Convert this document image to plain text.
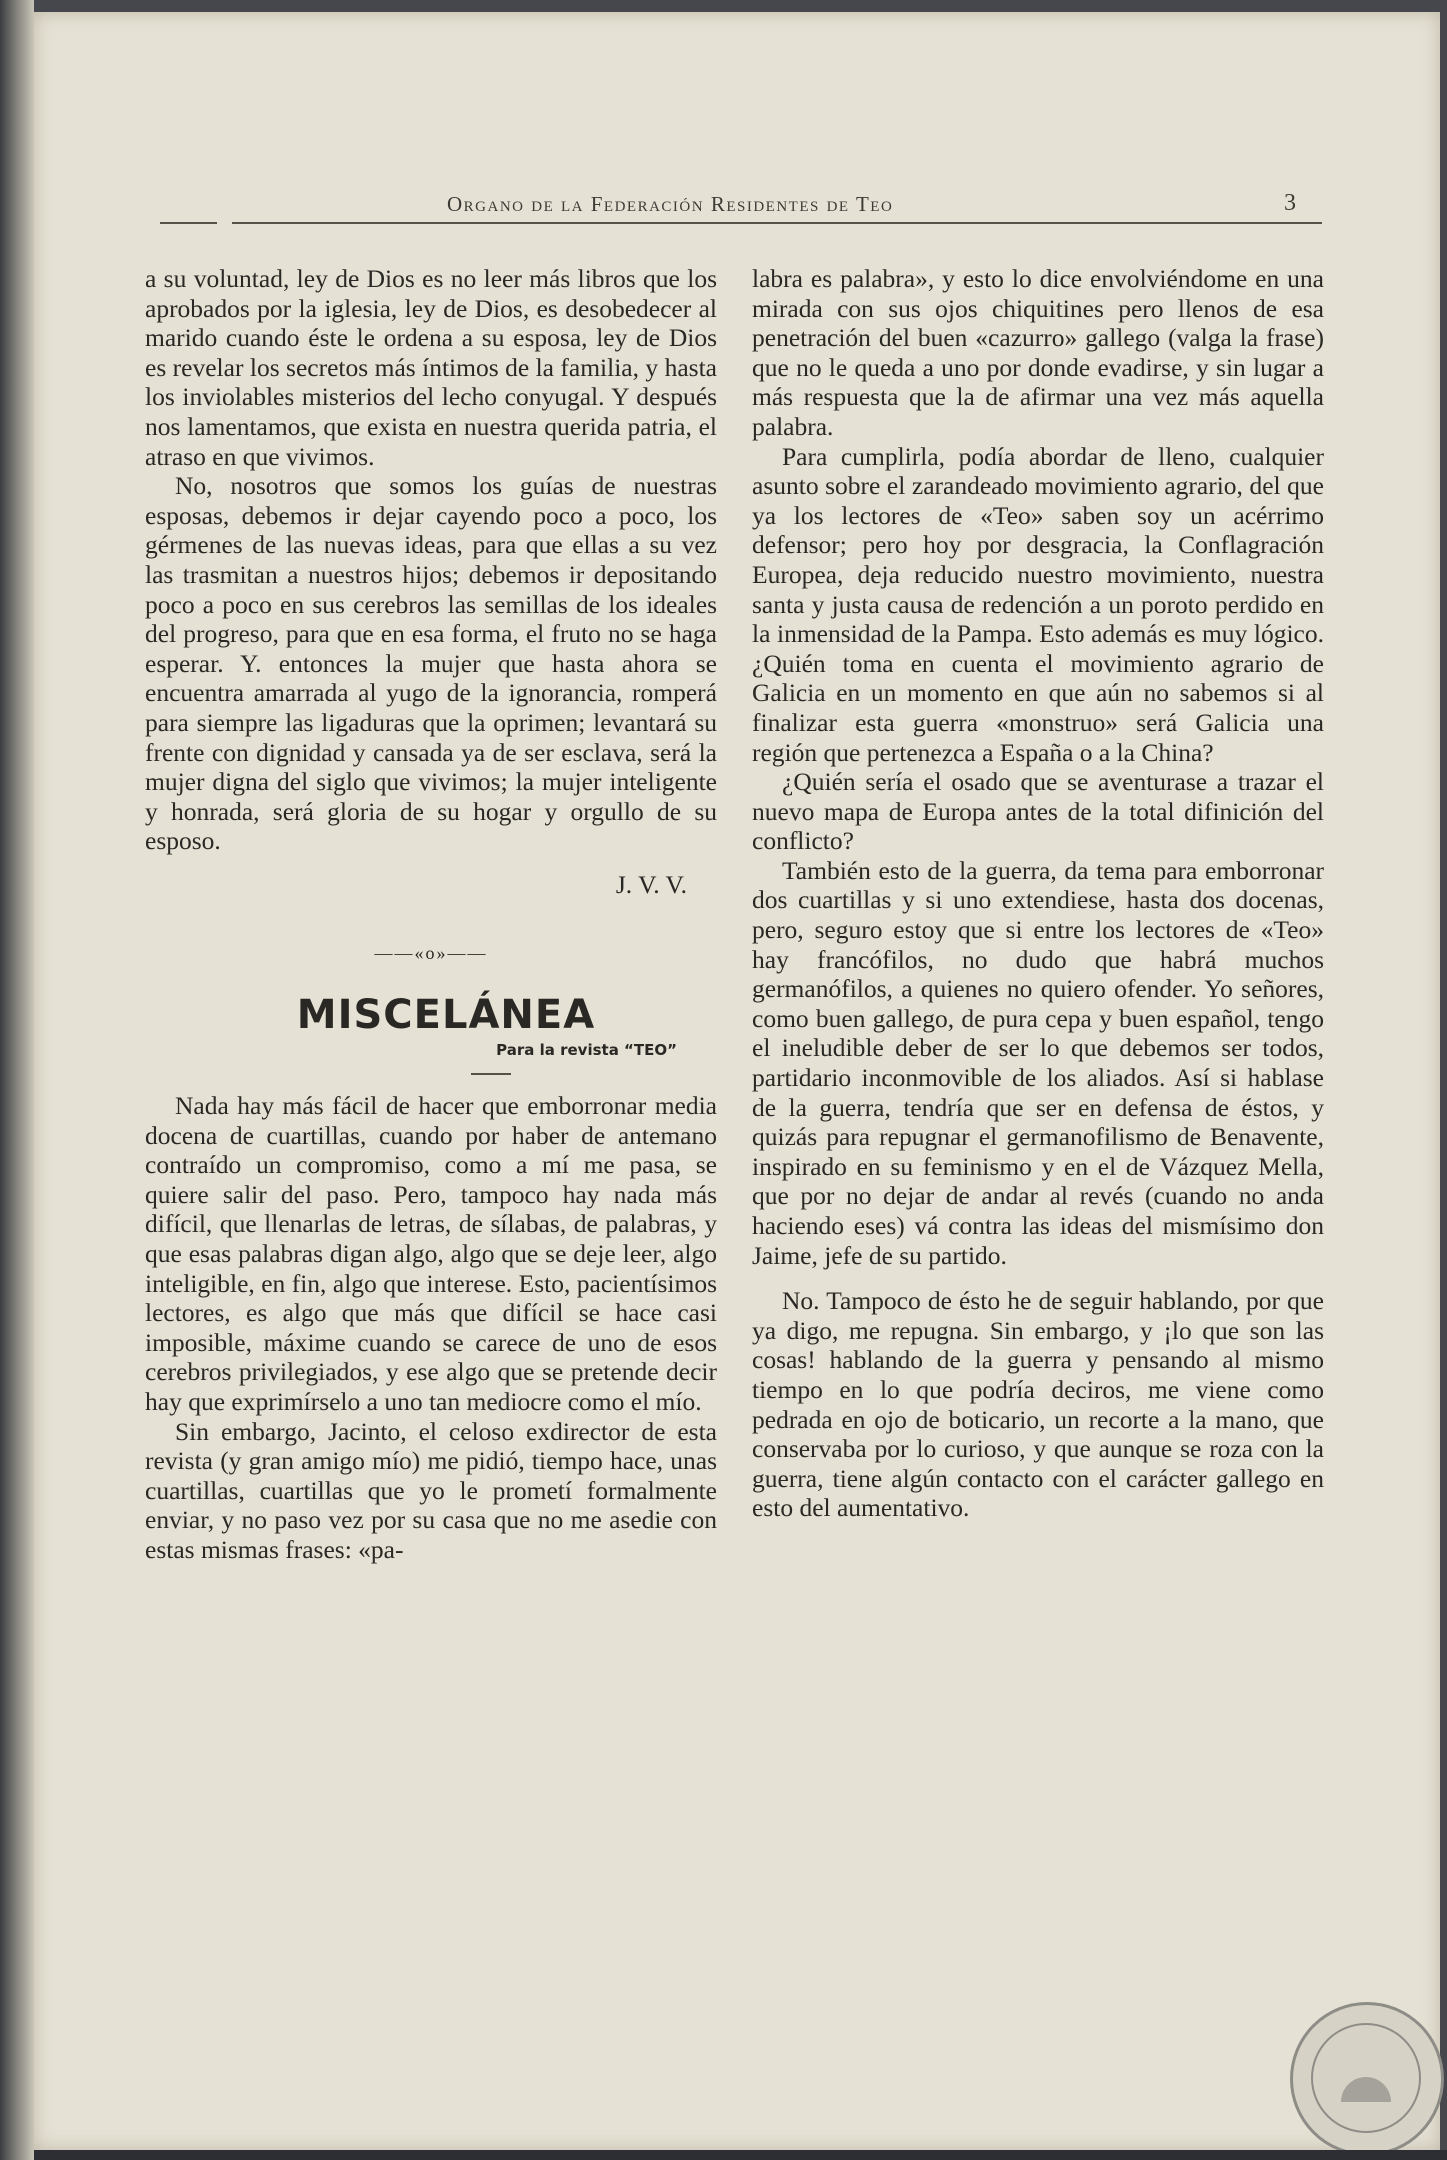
Organo de la Federación Residentes de Teo	3

a su voluntad, ley de Dios es no leer más libros que los aprobados por la iglesia, ley de Dios, es desobedecer al marido cuando éste le ordena a su esposa, ley de Dios es revelar los secretos más íntimos de la familia, y hasta los inviolables misterios del lecho conyugal. Y después nos lamentamos, que exista en nuestra querida patria, el atraso en que vivimos.

No, nosotros que somos los guías de nuestras esposas, debemos ir dejar cayendo poco a poco, los gérmenes de las nuevas ideas, para que ellas a su vez las trasmitan a nuestros hijos; debemos ir depositando poco a poco en sus cerebros las semillas de los ideales del progreso, para que en esa forma, el fruto no se haga esperar. Y. entonces la mujer que hasta ahora se encuentra amarrada al yugo de la ignorancia, romperá para siempre las ligaduras que la oprimen; levantará su frente con dignidad y cansada ya de ser esclava, será la mujer digna del siglo que vivimos; la mujer inteligente y honrada, será gloria de su hogar y orgullo de su esposo.

J. V. V.

——«o»——

MISCELÁNEA

Para la revista “TEO”

Nada hay más fácil de hacer que emborronar media docena de cuartillas, cuando por haber de antemano contraído un compromiso, como a mí me pasa, se quiere salir del paso. Pero, tampoco hay nada más difícil, que llenarlas de letras, de sílabas, de palabras, y que esas palabras digan algo, algo que se deje leer, algo inteligible, en fin, algo que interese. Esto, pacientísimos lectores, es algo que más que difícil se hace casi imposible, máxime cuando se carece de uno de esos cerebros privilegiados, y ese algo que se pretende decir hay que exprimírselo a uno tan mediocre como el mío.

Sin embargo, Jacinto, el celoso exdirector de esta revista (y gran amigo mío) me pidió, tiempo hace, unas cuartillas, cuartillas que yo le prometí formalmente enviar, y no paso vez por su casa que no me asedie con estas mismas frases: «pa-

labra es palabra», y esto lo dice envolviéndome en una mirada con sus ojos chiquitines pero llenos de esa penetración del buen «cazurro» gallego (valga la frase) que no le queda a uno por donde evadirse, y sin lugar a más respuesta que la de afirmar una vez más aquella palabra.

Para cumplirla, podía abordar de lleno, cualquier asunto sobre el zarandeado movimiento agrario, del que ya los lectores de «Teo» saben soy un acérrimo defensor; pero hoy por desgracia, la Conflagración Europea, deja reducido nuestro movimiento, nuestra santa y justa causa de redención a un poroto perdido en la inmensidad de la Pampa. Esto además es muy lógico. ¿Quién toma en cuenta el movimiento agrario de Galicia en un momento en que aún no sabemos si al finalizar esta guerra «monstruo» será Galicia una región que pertenezca a España o a la China?

¿Quién sería el osado que se aventurase a trazar el nuevo mapa de Europa antes de la total difinición del conflicto?

También esto de la guerra, da tema para emborronar dos cuartillas y si uno extendiese, hasta dos docenas, pero, seguro estoy que si entre los lectores de «Teo» hay francófilos, no dudo que habrá muchos germanófilos, a quienes no quiero ofender. Yo señores, como buen gallego, de pura cepa y buen español, tengo el ineludible deber de ser lo que debemos ser todos, partidario inconmovible de los aliados. Así si hablase de la guerra, tendría que ser en defensa de éstos, y quizás para repugnar el germanofilismo de Benavente, inspirado en su feminismo y en el de Vázquez Mella, que por no dejar de andar al revés (cuando no anda haciendo eses) vá contra las ideas del mismísimo don Jaime, jefe de su partido.

No. Tampoco de ésto he de seguir hablando, por que ya digo, me repugna. Sin embargo, y ¡lo que son las cosas! hablando de la guerra y pensando al mismo tiempo en lo que podría deciros, me viene como pedrada en ojo de boticario, un recorte a la mano, que conservaba por lo curioso, y que aunque se roza con la guerra, tiene algún contacto con el carácter gallego en esto del aumentativo.
